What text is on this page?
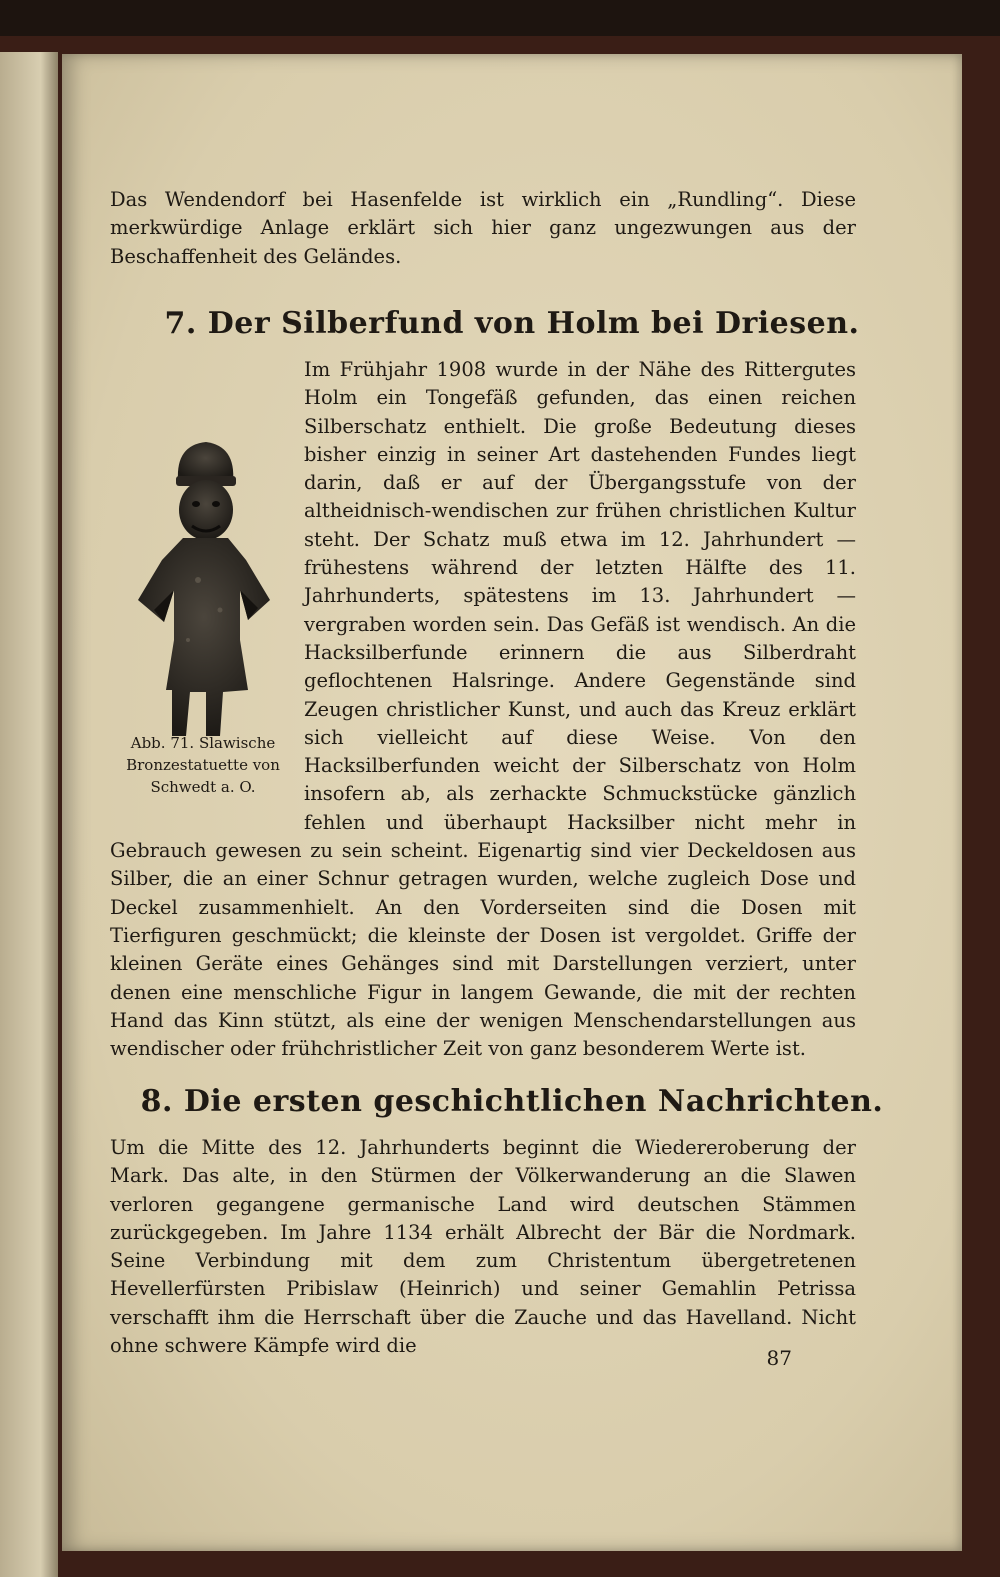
Das Wendendorf bei Hasenfelde ist wirklich ein „Rundling“. Diese merkwürdige Anlage erklärt sich hier ganz ungezwungen aus der Beschaffenheit des Geländes.

7. Der Silberfund von Holm bei Driesen.
Abb. 71. Slawische Bronzestatuette von Schwedt a. O.
Im Frühjahr 1908 wurde in der Nähe des Rittergutes Holm ein Tongefäß gefunden, das einen reichen Silberschatz enthielt. Die große Bedeutung dieses bisher einzig in seiner Art dastehenden Fundes liegt darin, daß er auf der Übergangsstufe von der altheidnisch-wendischen zur frühen christlichen Kultur steht. Der Schatz muß etwa im 12. Jahrhundert — frühestens während der letzten Hälfte des 11. Jahrhunderts, spätestens im 13. Jahrhundert — vergraben worden sein. Das Gefäß ist wendisch. An die Hacksilberfunde erinnern die aus Silberdraht geflochtenen Halsringe. Andere Gegenstände sind Zeugen christlicher Kunst, und auch das Kreuz erklärt sich vielleicht auf diese Weise. Von den Hacksilberfunden weicht der Silberschatz von Holm insofern ab, als zerhackte Schmuckstücke gänzlich fehlen und überhaupt Hacksilber nicht mehr in Gebrauch gewesen zu sein scheint. Eigenartig sind vier Deckeldosen aus Silber, die an einer Schnur getragen wurden, welche zugleich Dose und Deckel zusammenhielt. An den Vorderseiten sind die Dosen mit Tierfiguren geschmückt; die kleinste der Dosen ist vergoldet. Griffe der kleinen Geräte eines Gehänges sind mit Darstellungen verziert, unter denen eine menschliche Figur in langem Gewande, die mit der rechten Hand das Kinn stützt, als eine der wenigen Menschendarstellungen aus wendischer oder frühchristlicher Zeit von ganz besonderem Werte ist.
8. Die ersten geschichtlichen Nachrichten.

Um die Mitte des 12. Jahrhunderts beginnt die Wiedereroberung der Mark. Das alte, in den Stürmen der Völkerwanderung an die Slawen verloren gegangene germanische Land wird deutschen Stämmen zurückgegeben. Im Jahre 1134 erhält Albrecht der Bär die Nordmark. Seine Verbindung mit dem zum Christentum übergetretenen Hevellerfürsten Pribislaw (Heinrich) und seiner Gemahlin Petrissa verschafft ihm die Herrschaft über die Zauche und das Havelland. Nicht ohne schwere Kämpfe wird die

87
